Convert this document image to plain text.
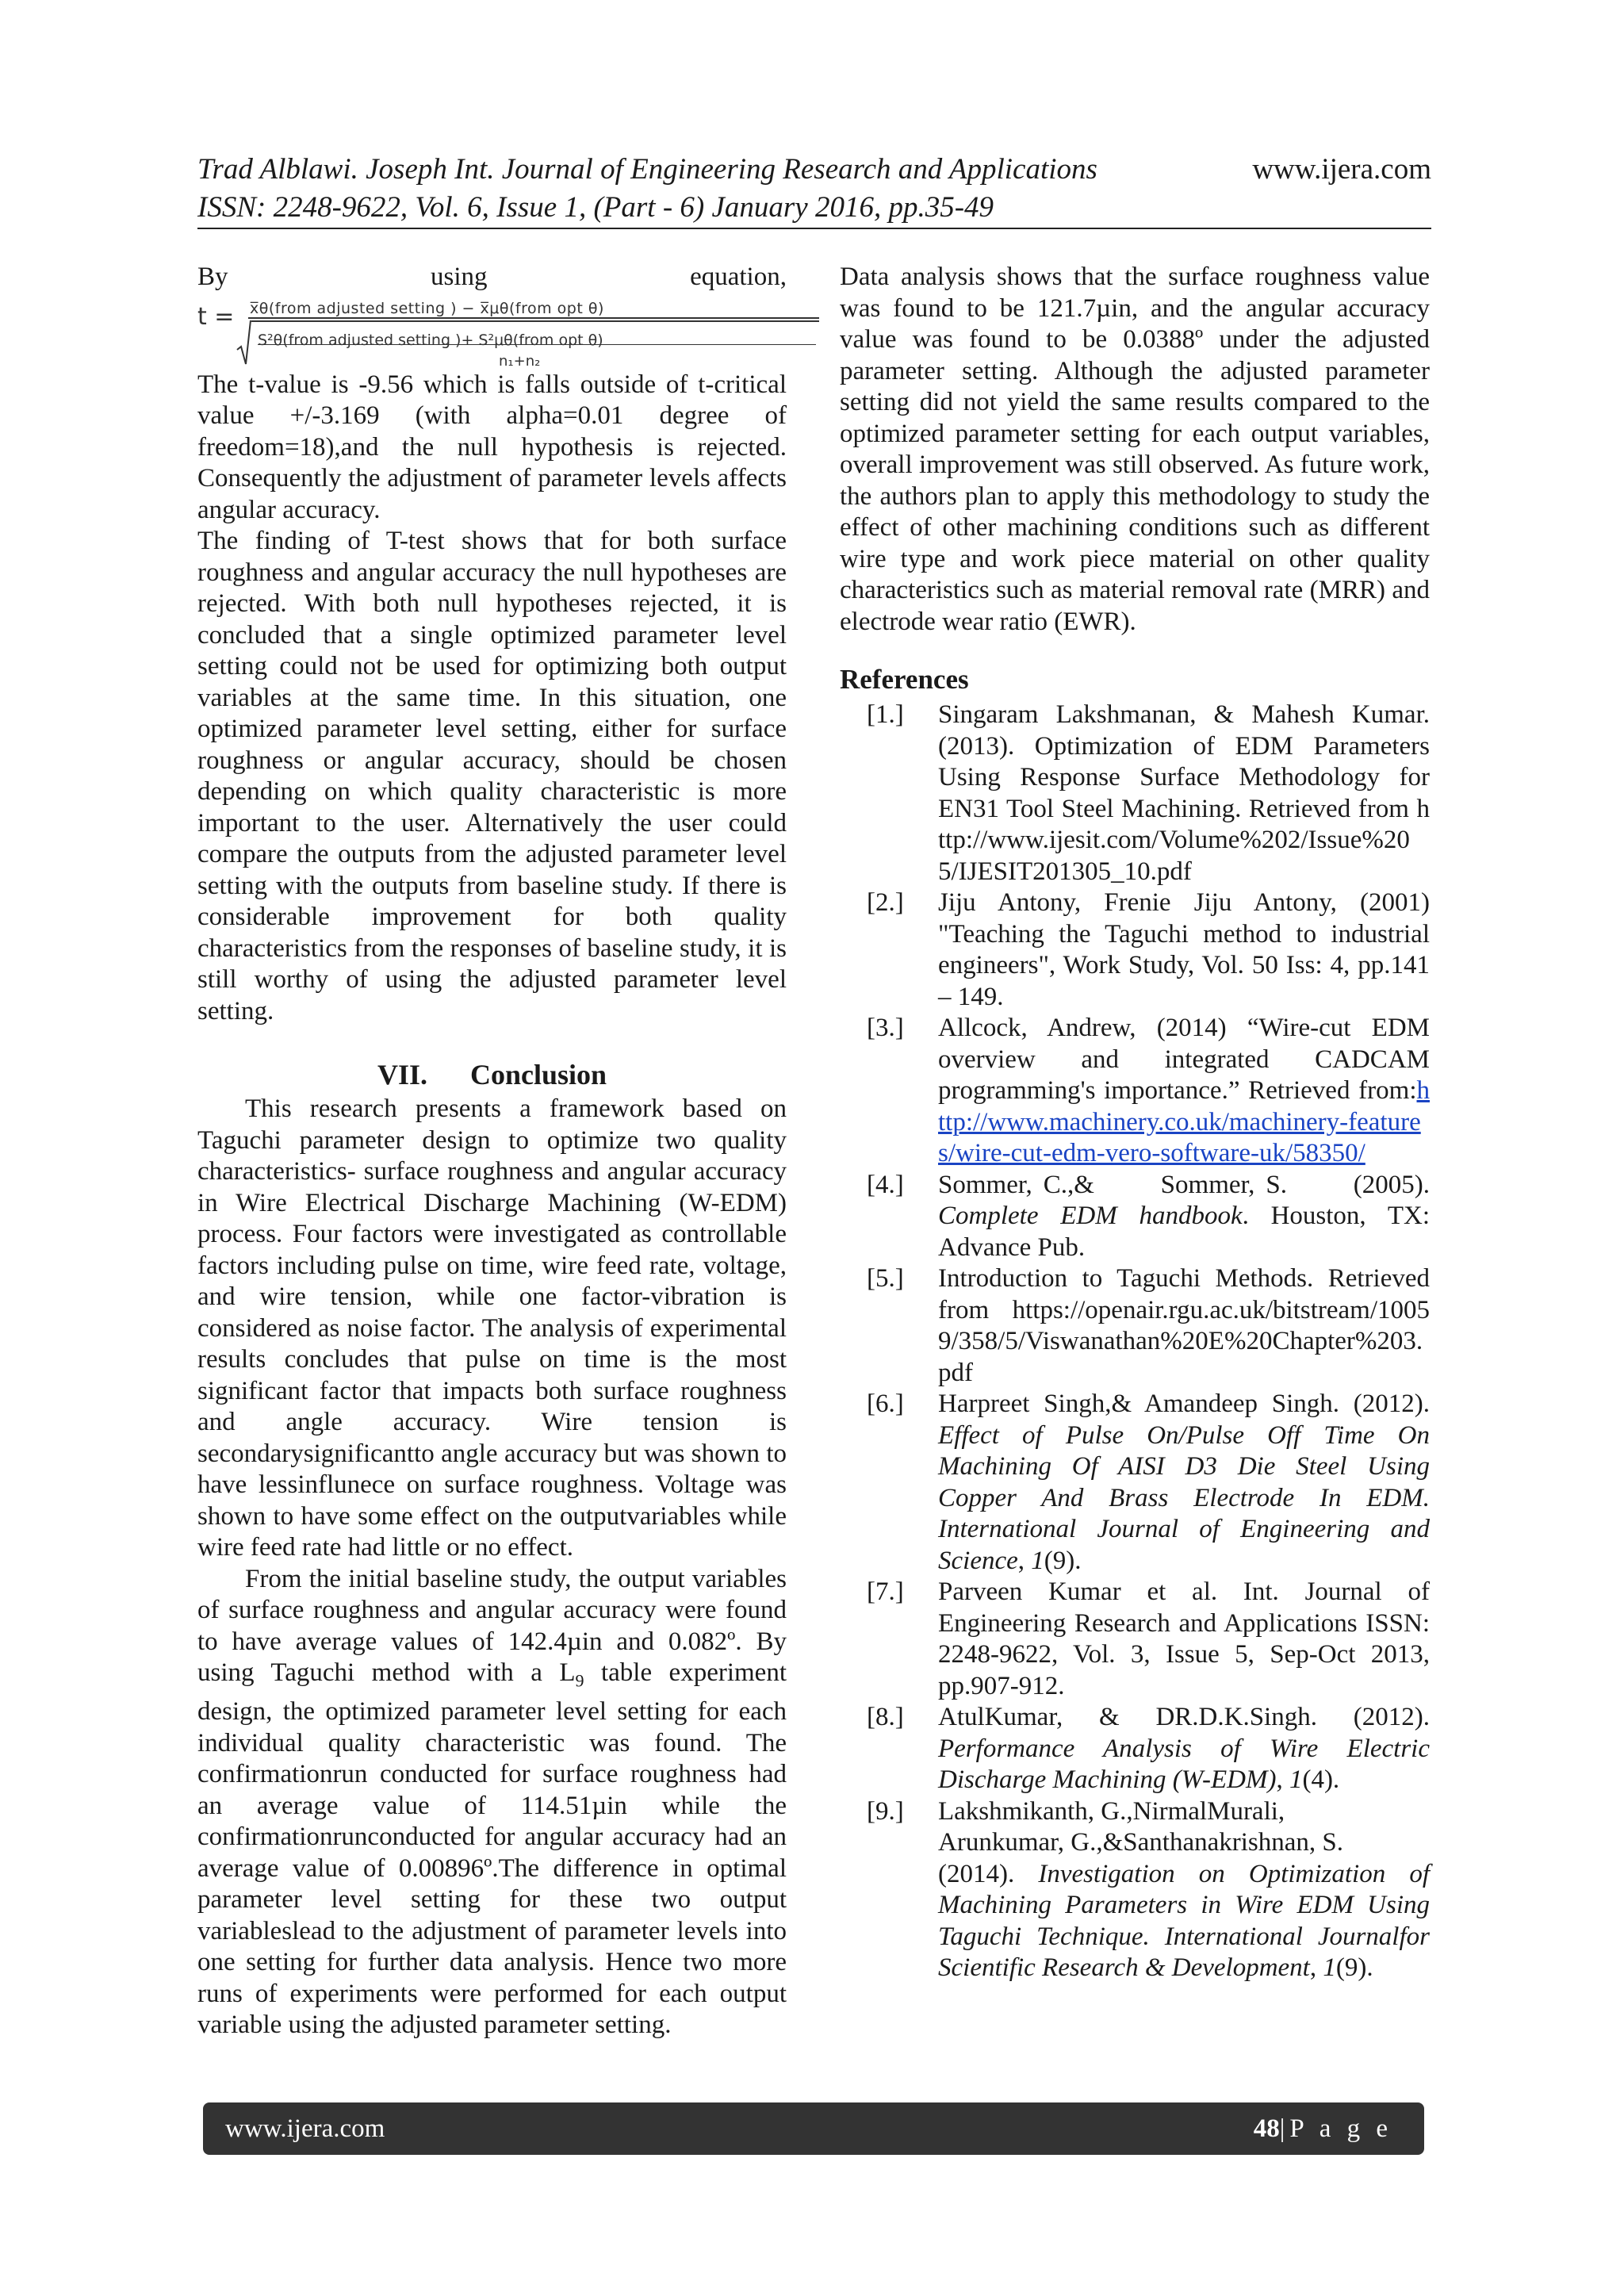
Trad Alblawi. Joseph Int. Journal of Engineering Research and Applications	www.ijera.com
ISSN: 2248-9622, Vol. 6, Issue 1, (Part - 6) January 2016, pp.35-49
By	using	equation,
t = x̅θ(from adjusted setting ) − x̅μθ(from opt θ)
S²θ(from adjusted setting )+ S²μθ(from opt θ)
n₁+n₂

The t-value is -9.56 which is falls outside of t-critical value +/-3.169 (with alpha=0.01 degree of freedom=18),and the null hypothesis is rejected. Consequently the adjustment of parameter levels affects angular accuracy.

The finding of T-test shows that for both surface roughness and angular accuracy the null hypotheses are rejected. With both null hypotheses rejected, it is concluded that a single optimized parameter level setting could not be used for optimizing both output variables at the same time. In this situation, one optimized parameter level setting, either for surface roughness or angular accuracy, should be chosen depending on which quality characteristic is more important to the user. Alternatively the user could compare the outputs from the adjusted parameter level setting with the outputs from baseline study. If there is considerable improvement for both quality characteristics from the responses of baseline study, it is still worthy of using the adjusted parameter level setting.

VII.      Conclusion

This research presents a framework based on Taguchi parameter design to optimize two quality characteristics- surface roughness and angular accuracy in Wire Electrical Discharge Machining (W-EDM) process. Four factors were investigated as controllable factors including pulse on time, wire feed rate, voltage, and wire tension, while one factor-vibration is considered as noise factor. The analysis of experimental results concludes that pulse on time is the most significant factor that impacts both surface roughness and angle accuracy. Wire tension is secondarysignificantto angle accuracy but was shown to have lessinflunece on surface roughness. Voltage was shown to have some effect on the outputvariables while wire feed rate had little or no effect.

From the initial baseline study, the output variables of surface roughness and angular accuracy were found to have average values of 142.4µin and 0.082º. By using Taguchi method with a $L_9$ table experiment design, the optimized parameter level setting for each individual quality characteristic was found. The confirmationrun conducted for surface roughness had an average value of 114.51µin while the confirmationrunconducted for angular accuracy had an average value of 0.00896º.The difference in optimal parameter level setting for these two output variableslead to the adjustment of parameter levels into one setting for further data analysis. Hence two more runs of experiments were performed for each output variable using the adjusted parameter setting.

Data analysis shows that the surface roughness value was found to be 121.7µin, and the angular accuracy value was found to be 0.0388º under the adjusted parameter setting. Although the adjusted parameter setting did not yield the same results compared to the optimized parameter setting for each output variables, overall improvement was still observed. As future work, the authors plan to apply this methodology to study the effect of other machining conditions such as different wire type and work piece material on other quality characteristics such as material removal rate (MRR) and electrode wear ratio (EWR).

References
[1.]	Singaram Lakshmanan, & Mahesh Kumar. (2013). Optimization of EDM Parameters Using Response Surface Methodology for EN31 Tool Steel Machining. Retrieved from http://www.ijesit.com/Volume%202/Issue%205/IJESIT201305_10.pdf
[2.]	Jiju Antony, Frenie Jiju Antony, (2001) "Teaching the Taguchi method to industrial engineers", Work Study, Vol. 50 Iss: 4, pp.141 – 149.
[3.]	Allcock, Andrew, (2014) “Wire-cut EDM overview and integrated CADCAM programming's importance.” Retrieved from:http://www.machinery.co.uk/machinery-features/wire-cut-edm-vero-software-uk/58350/
[4.]	Sommer, C.,&      Sommer, S.      (2005). Complete EDM handbook. Houston, TX: Advance Pub.
[5.]	Introduction to Taguchi Methods. Retrieved from https://openair.rgu.ac.uk/bitstream/10059/358/5/Viswanathan%20E%20Chapter%203.pdf
[6.]	Harpreet Singh,& Amandeep Singh. (2012). Effect of Pulse On/Pulse Off Time On Machining Of AISI D3 Die Steel Using Copper And Brass Electrode In EDM. International Journal of Engineering and Science, 1(9).
[7.]	Parveen Kumar et al. Int. Journal of Engineering Research and Applications ISSN: 2248-9622, Vol. 3, Issue 5, Sep-Oct 2013, pp.907-912.
[8.]	AtulKumar,  &  DR.D.K.Singh.  (2012). Performance Analysis of Wire Electric Discharge Machining (W-EDM), 1(4).
[9.]	Lakshmikanth, G.,NirmalMurali,
Arunkumar, G.,&Santhanakrishnan, S.
(2014). Investigation on Optimization of Machining Parameters in Wire EDM Using Taguchi Technique. International Journalfor Scientific Research & Development, 1(9).
www.ijera.com	48|P a g e
